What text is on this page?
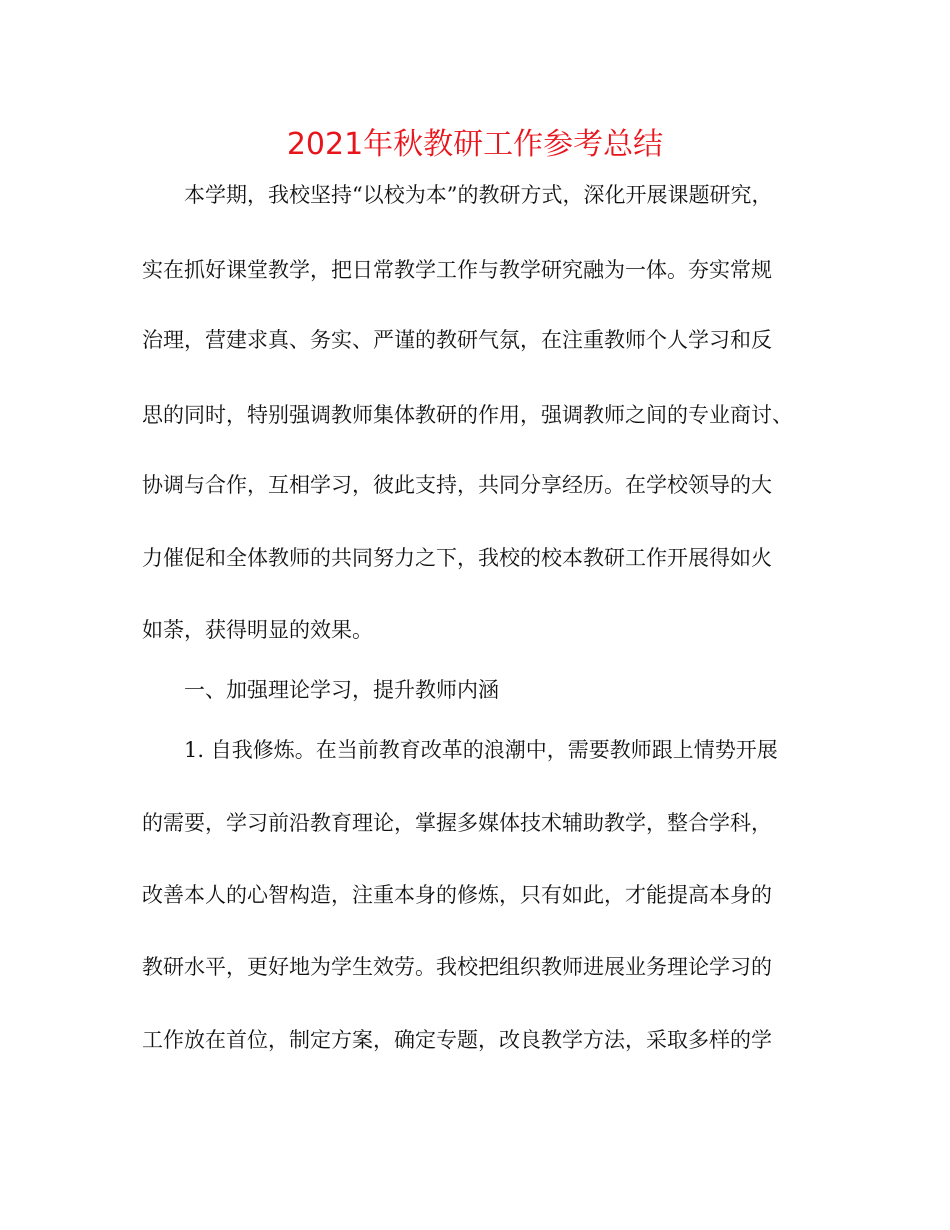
2021年秋教研工作参考总结

本学期，我校坚持“以校为本”的教研方式，深化开展课题研究，

实在抓好课堂教学，把日常教学工作与教学研究融为一体。夯实常规

治理，营建求真、务实、严谨的教研气氛，在注重教师个人学习和反

思的同时，特别强调教师集体教研的作用，强调教师之间的专业商讨、

协调与合作，互相学习，彼此支持，共同分享经历。在学校领导的大

力催促和全体教师的共同努力之下，我校的校本教研工作开展得如火

如荼，获得明显的效果。

一、加强理论学习，提升教师内涵

1. 自我修炼。在当前教育改革的浪潮中，需要教师跟上情势开展

的需要，学习前沿教育理论，掌握多媒体技术辅助教学，整合学科，

改善本人的心智构造，注重本身的修炼，只有如此，才能提高本身的

教研水平，更好地为学生效劳。我校把组织教师进展业务理论学习的

工作放在首位，制定方案，确定专题，改良教学方法，采取多样的学
